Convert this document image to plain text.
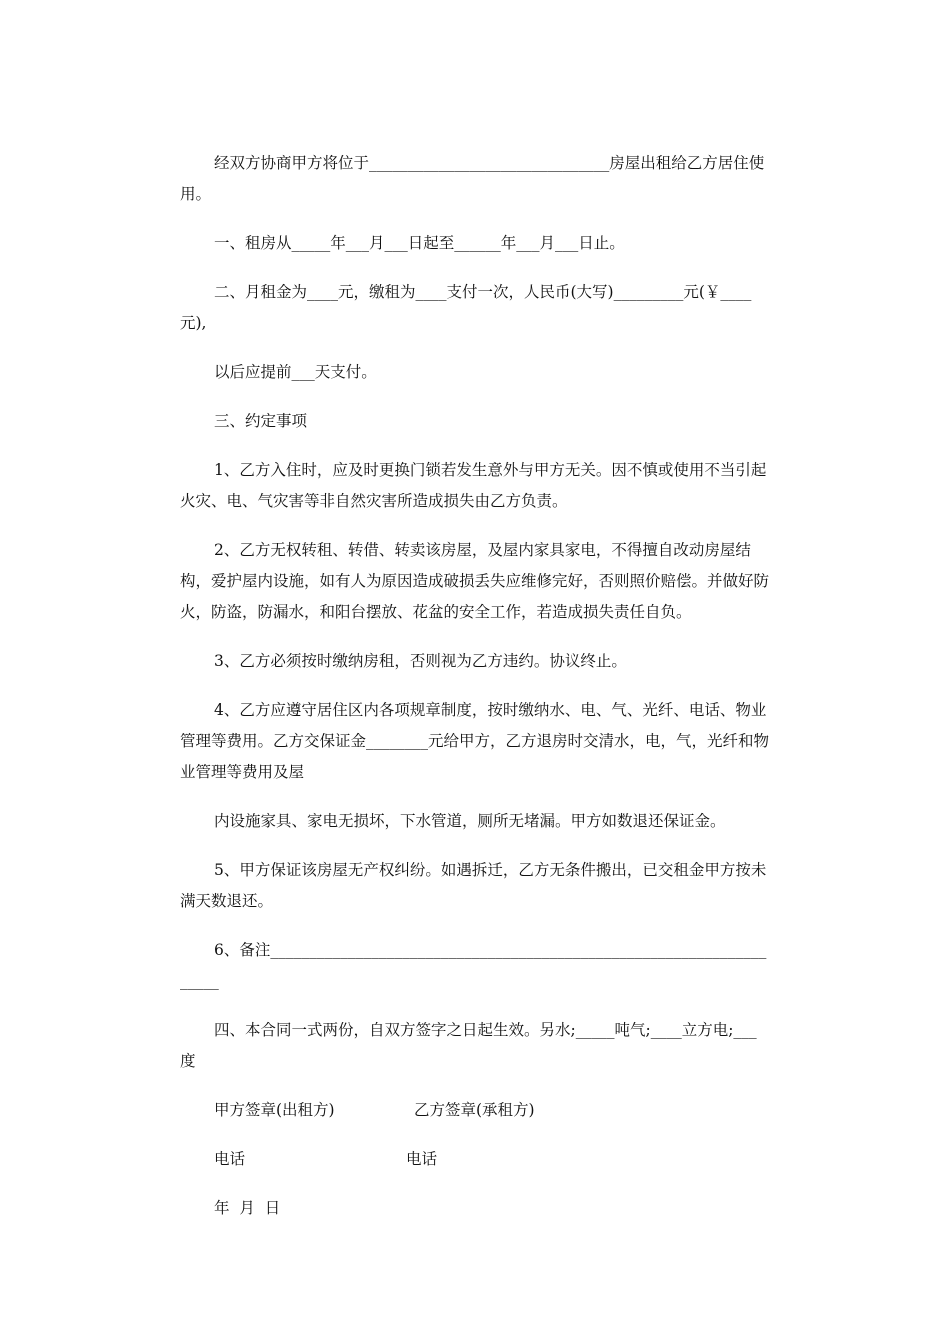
经双方协商甲方将位于_______________________________房屋出租给乙方居住使用。

一、租房从_____年___月___日起至______年___月___日止。

二、月租金为____元，缴租为____支付一次，人民币(大写)_________元(￥____元),

以后应提前___天支付。

三、约定事项

1、乙方入住时，应及时更换门锁若发生意外与甲方无关。因不慎或使用不当引起火灾、电、气灾害等非自然灾害所造成损失由乙方负责。

2、乙方无权转租、转借、转卖该房屋，及屋内家具家电，不得擅自改动房屋结构，爱护屋内设施，如有人为原因造成破损丢失应维修完好，否则照价赔偿。并做好防火，防盗，防漏水，和阳台摆放、花盆的安全工作，若造成损失责任自负。

3、乙方必须按时缴纳房租，否则视为乙方违约。协议终止。

4、乙方应遵守居住区内各项规章制度，按时缴纳水、电、气、光纤、电话、物业管理等费用。乙方交保证金________元给甲方，乙方退房时交清水，电，气，光纤和物业管理等费用及屋

内设施家具、家电无损坏，下水管道，厕所无堵漏。甲方如数退还保证金。

5、甲方保证该房屋无产权纠纷。如遇拆迁，乙方无条件搬出，已交租金甲方按未满天数退还。

6、备注_____________________________________________________________________

四、本合同一式两份，自双方签字之日起生效。另水;_____吨气;____立方电;___度

甲方签章(出租方)	乙方签章(承租方)
电话	电话
年  月  日
